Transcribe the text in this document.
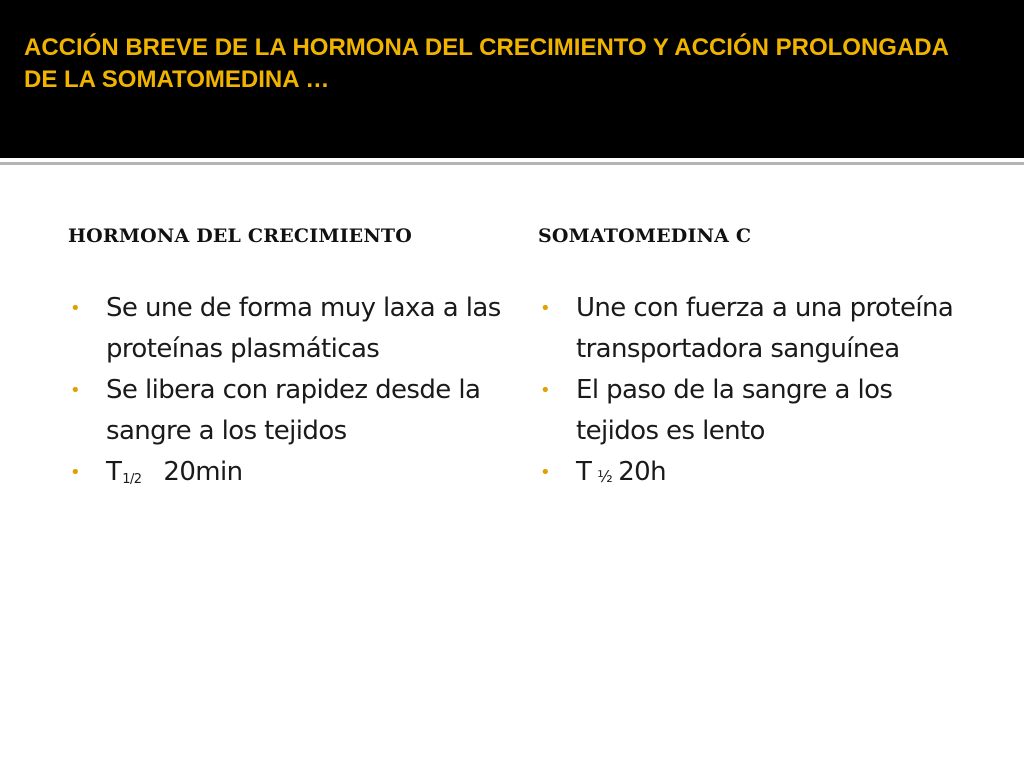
ACCIÓN BREVE DE LA HORMONA DEL CRECIMIENTO Y ACCIÓN PROLONGADA DE LA SOMATOMEDINA …
HORMONA DEL CRECIMIENTO
• Se une de forma muy laxa a las proteínas plasmáticas
• Se libera con rapidez desde la sangre a los tejidos
• $T_{1/2}$ 20min
SOMATOMEDINA C
• Une con fuerza a una proteína transportadora sanguínea
• El paso de la sangre a los tejidos es lento
• T ½ 20h
